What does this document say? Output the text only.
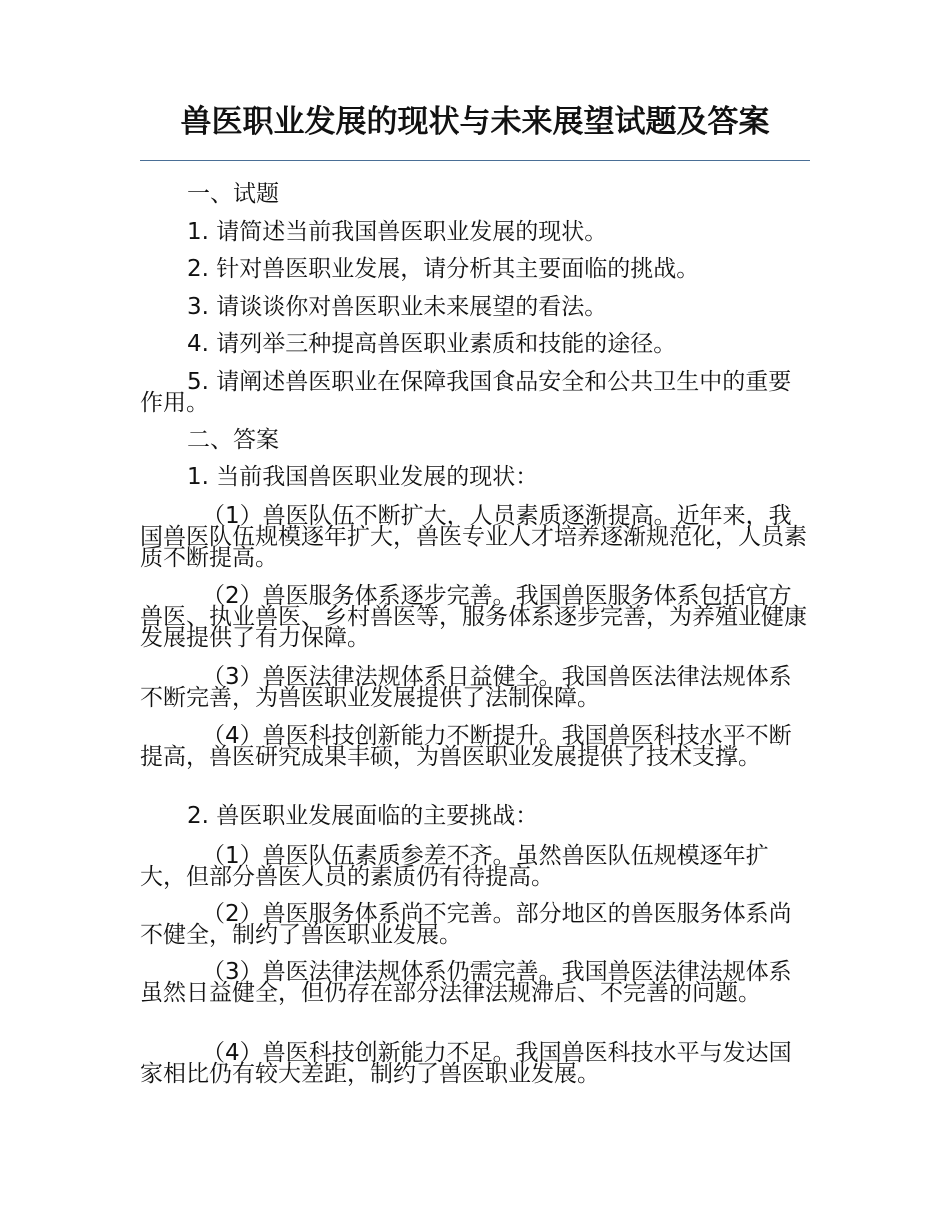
兽医职业发展的现状与未来展望试题及答案
一、试题
1. 请简述当前我国兽医职业发展的现状。
2. 针对兽医职业发展，请分析其主要面临的挑战。
3. 请谈谈你对兽医职业未来展望的看法。
4. 请列举三种提高兽医职业素质和技能的途径。
5. 请阐述兽医职业在保障我国食品安全和公共卫生中的重要作用。
二、答案
1. 当前我国兽医职业发展的现状：
（1）兽医队伍不断扩大，人员素质逐渐提高。近年来，我国兽医队伍规模逐年扩大，兽医专业人才培养逐渐规范化，人员素质不断提高。
（2）兽医服务体系逐步完善。我国兽医服务体系包括官方兽医、执业兽医、乡村兽医等，服务体系逐步完善，为养殖业健康发展提供了有力保障。
（3）兽医法律法规体系日益健全。我国兽医法律法规体系不断完善，为兽医职业发展提供了法制保障。
（4）兽医科技创新能力不断提升。我国兽医科技水平不断提高，兽医研究成果丰硕，为兽医职业发展提供了技术支撑。
2. 兽医职业发展面临的主要挑战：
（1）兽医队伍素质参差不齐。虽然兽医队伍规模逐年扩大，但部分兽医人员的素质仍有待提高。
（2）兽医服务体系尚不完善。部分地区的兽医服务体系尚不健全，制约了兽医职业发展。
（3）兽医法律法规体系仍需完善。我国兽医法律法规体系虽然日益健全，但仍存在部分法律法规滞后、不完善的问题。
（4）兽医科技创新能力不足。我国兽医科技水平与发达国家相比仍有较大差距，制约了兽医职业发展。
